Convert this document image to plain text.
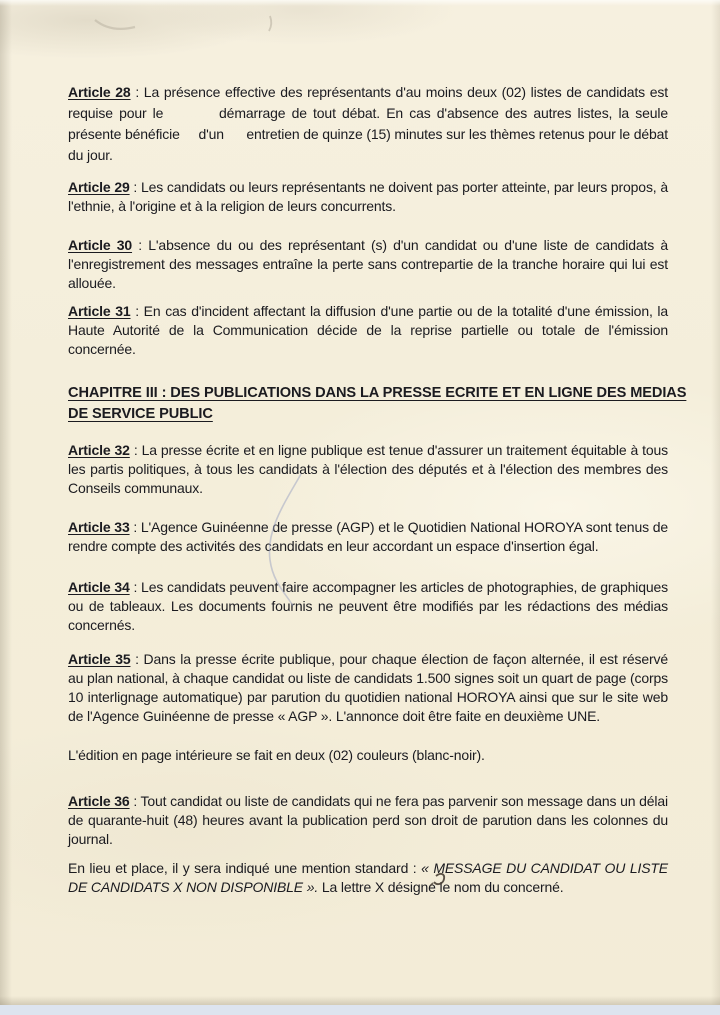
Article 28 : La présence effective des représentants d'au moins deux (02) listes de candidats est requise pour le         démarrage de tout débat. En cas d'absence des autres listes, la seule présente bénéficie     d'un      entretien de quinze (15) minutes sur les thèmes retenus pour le débat du jour.

Article 29 : Les candidats ou leurs représentants ne doivent pas porter atteinte, par leurs propos, à l'ethnie, à l'origine et à la religion de leurs concurrents.

Article 30 : L'absence du ou des représentant (s) d'un candidat ou d'une liste de candidats à l'enregistrement des messages entraîne la perte sans contrepartie de la tranche horaire qui lui est allouée.

Article 31 : En cas d'incident affectant la diffusion d'une partie ou de la totalité d'une émission, la Haute Autorité de la Communication décide de la reprise partielle ou totale de l'émission concernée.

CHAPITRE III : DES PUBLICATIONS DANS LA PRESSE ECRITE ET EN LIGNE DES MEDIAS
DE SERVICE PUBLIC

Article 32 : La presse écrite et en ligne publique est tenue d'assurer un traitement équitable à tous les partis politiques, à tous les candidats à l'élection des députés et à l'élection des membres des Conseils communaux.

Article 33 : L'Agence Guinéenne de presse (AGP) et le Quotidien National HOROYA sont tenus de rendre compte des activités des candidats en leur accordant un espace d'insertion égal.

Article 34 : Les candidats peuvent faire accompagner les articles de photographies, de graphiques ou de tableaux. Les documents fournis ne peuvent être modifiés par les rédactions des médias concernés.

Article 35 : Dans la presse écrite publique, pour chaque élection de façon alternée, il est réservé au plan national, à chaque candidat ou liste de candidats 1.500 signes soit un quart de page (corps 10 interlignage automatique) par parution du quotidien national HOROYA ainsi que sur le site web de l'Agence Guinéenne de presse « AGP ». L'annonce doit être faite en deuxième UNE.

L'édition en page intérieure se fait en deux (02) couleurs (blanc-noir).

Article 36 : Tout candidat ou liste de candidats qui ne fera pas parvenir son message dans un délai de quarante-huit (48) heures avant la publication perd son droit de parution dans les colonnes du journal.

En lieu et place, il y sera indiqué une mention standard : « MESSAGE DU CANDIDAT OU LISTE DE CANDIDATS X NON DISPONIBLE ». La lettre X désigne le nom du concerné.
